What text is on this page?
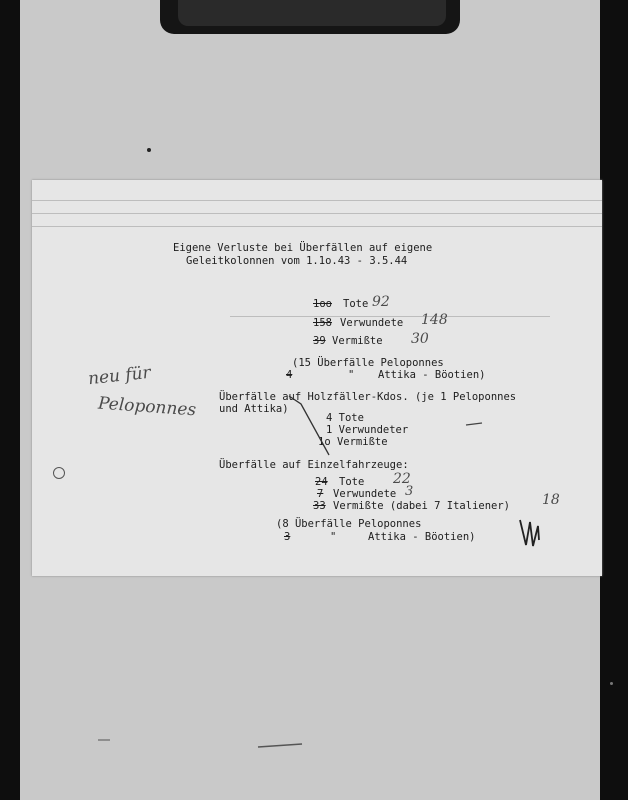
Eigene Verluste bei Überfällen auf eigene
Geleitkolonnen vom 1.1o.43 - 3.5.44
1oo Tote 92
158 Verwundete 148
39 Vermißte 30
(15 Überfälle Peloponnes
4	" Attika - Böotien)
Überfälle auf Holzfäller-Kdos. (je 1 Peloponnes
und Attika)
4 Tote
1 Verwundeter
1o Vermißte
Überfälle auf Einzelfahrzeuge:
24 Tote 22
7 Verwundete 3
33 Vermißte (dabei 7 Italiener) 18
(8 Überfälle Peloponnes
3	"	Attika - Böotien)
neu für
Peloponnes
